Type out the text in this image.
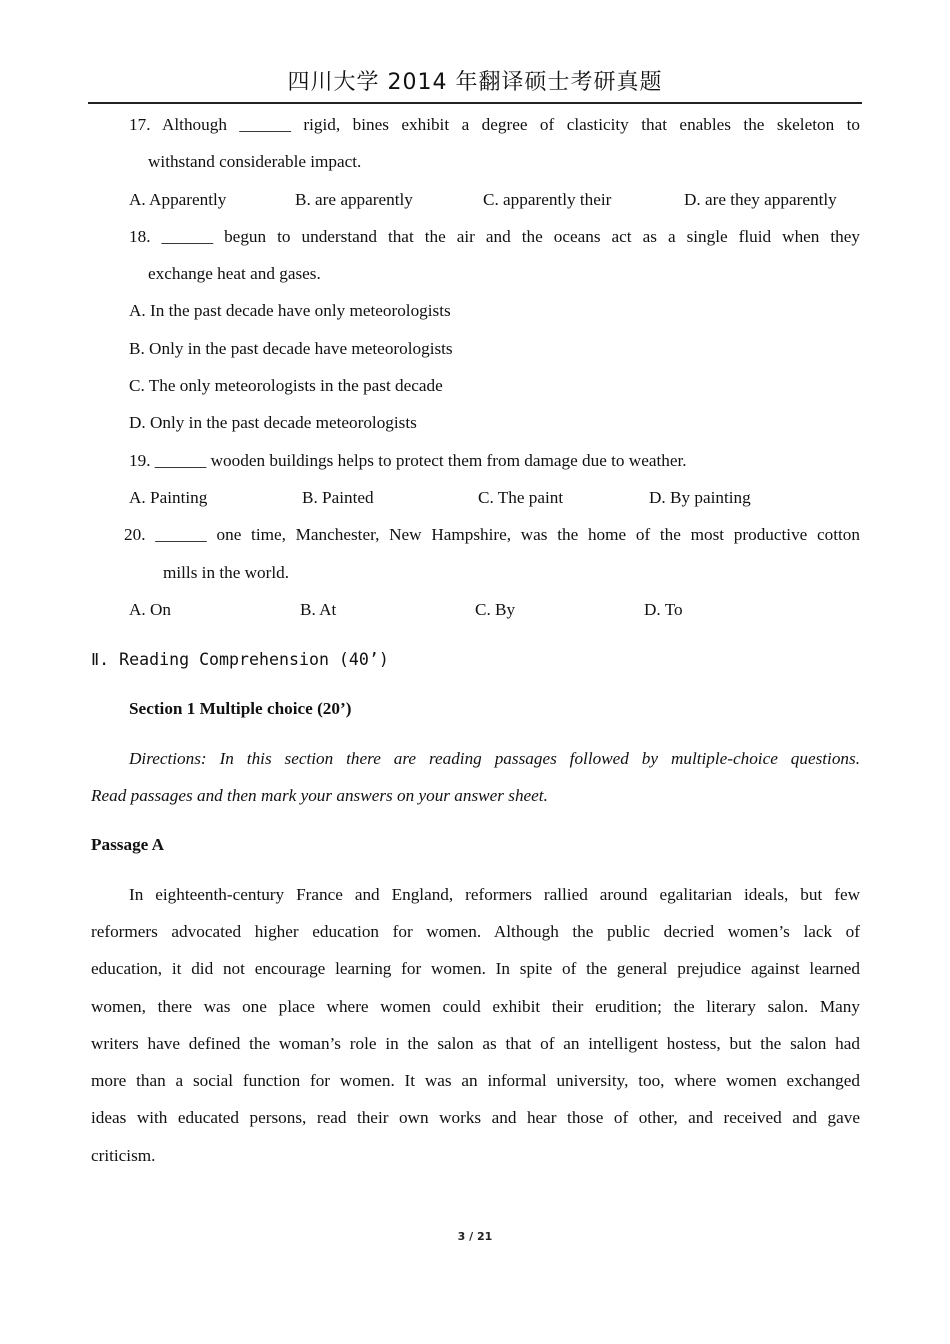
四川大学 2014 年翻译硕士考研真题
17. Although ______ rigid, bines exhibit a degree of clasticity that enables the skeleton to
withstand considerable impact.
A. Apparently	B. are apparently	C. apparently their	D. are they apparently
18. ______ begun to understand that the air and the oceans act as a single fluid when they
exchange heat and gases.
A. In the past decade have only meteorologists
B. Only in the past decade have meteorologists
C. The only meteorologists in the past decade
D. Only in the past decade meteorologists
19. ______ wooden buildings helps to protect them from damage due to weather.
A. Painting	B. Painted	C. The paint	D. By painting
20. ______ one time, Manchester, New Hampshire, was the home of the most productive cotton
mills in the world.
A. On	B. At	C. By	D. To
Ⅱ. Reading Comprehension (40’)
Section 1 Multiple choice (20’)
Directions: In this section there are reading passages followed by multiple-choice questions.
Read passages and then mark your answers on your answer sheet.
Passage A
In eighteenth-century France and England, reformers rallied around egalitarian ideals, but few
reformers advocated higher education for women. Although the public decried women’s lack of
education, it did not encourage learning for women. In spite of the general prejudice against learned
women, there was one place where women could exhibit their erudition; the literary salon. Many
writers have defined the woman’s role in the salon as that of an intelligent hostess, but the salon had
more than a social function for women. It was an informal university, too, where women exchanged
ideas with educated persons, read their own works and hear those of other, and received and gave
criticism.
3 / 21
